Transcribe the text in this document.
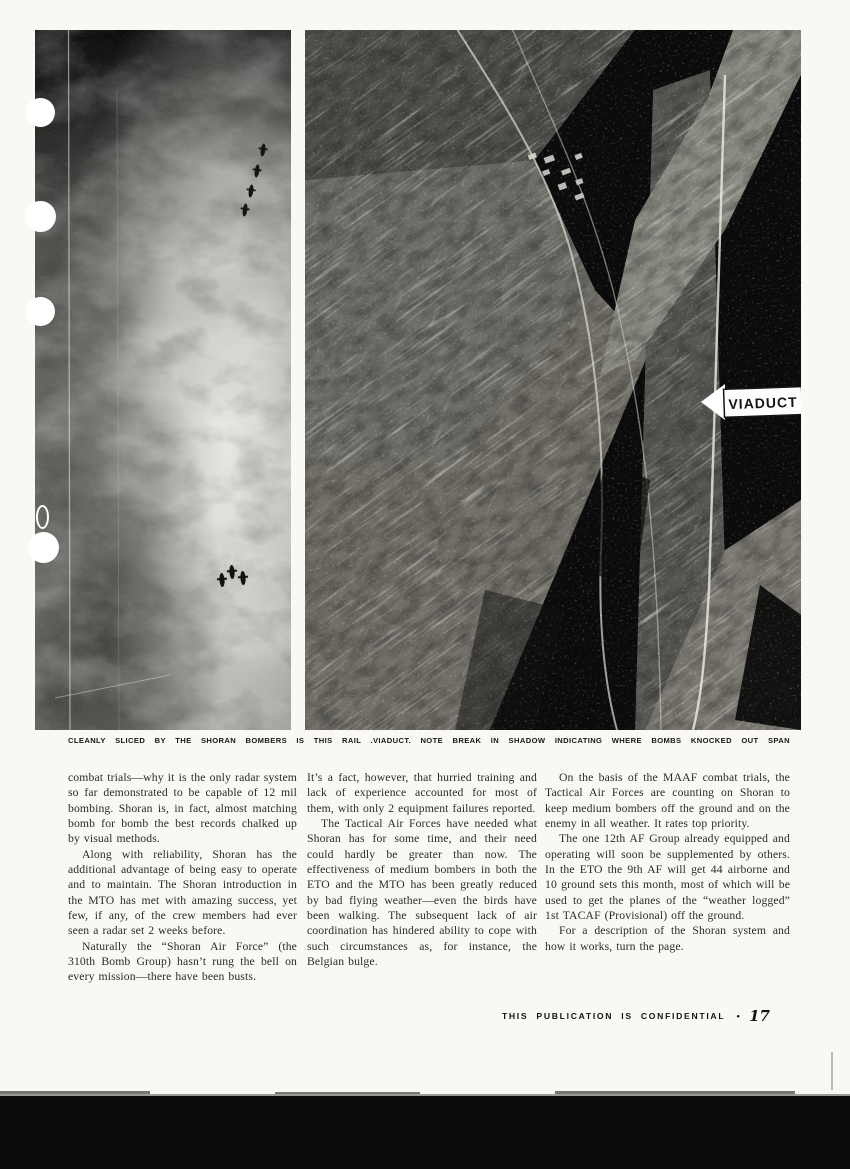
VIADUCT

CLEANLY SLICED BY THE SHORAN BOMBERS IS THIS RAIL .VIADUCT. NOTE BREAK IN SHADOW INDICATING WHERE BOMBS KNOCKED OUT SPAN

combat trials—why it is the only radar system so far demonstrated to be capable of 12 mil bombing. Shoran is, in fact, almost matching bomb for bomb the best records chalked up by visual methods.

Along with reliability, Shoran has the additional advantage of being easy to operate and to maintain. The Shoran introduction in the MTO has met with amazing success, yet few, if any, of the crew members had ever seen a radar set 2 weeks before.

Naturally the “Shoran Air Force” (the 310th Bomb Group) hasn’t rung the bell on every mission—there have been busts.

It’s a fact, however, that hurried training and lack of experience accounted for most of them, with only 2 equipment failures reported.

The Tactical Air Forces have needed what Shoran has for some time, and their need could hardly be greater than now. The effectiveness of medium bombers in both the ETO and the MTO has been greatly reduced by bad flying weather—even the birds have been walking. The subsequent lack of air coordination has hindered ability to cope with such circumstances as, for instance, the Belgian bulge.

On the basis of the MAAF combat trials, the Tactical Air Forces are counting on Shoran to keep medium bombers off the ground and on the enemy in all weather. It rates top priority.

The one 12th AF Group already equipped and operating will soon be supplemented by others. In the ETO the 9th AF will get 44 airborne and 10 ground sets this month, most of which will be used to get the planes of the “weather logged” 1st TACAF (Provisional) off the ground.

For a description of the Shoran system and how it works, turn the page.

THIS PUBLICATION IS CONFIDENTIAL • 17
